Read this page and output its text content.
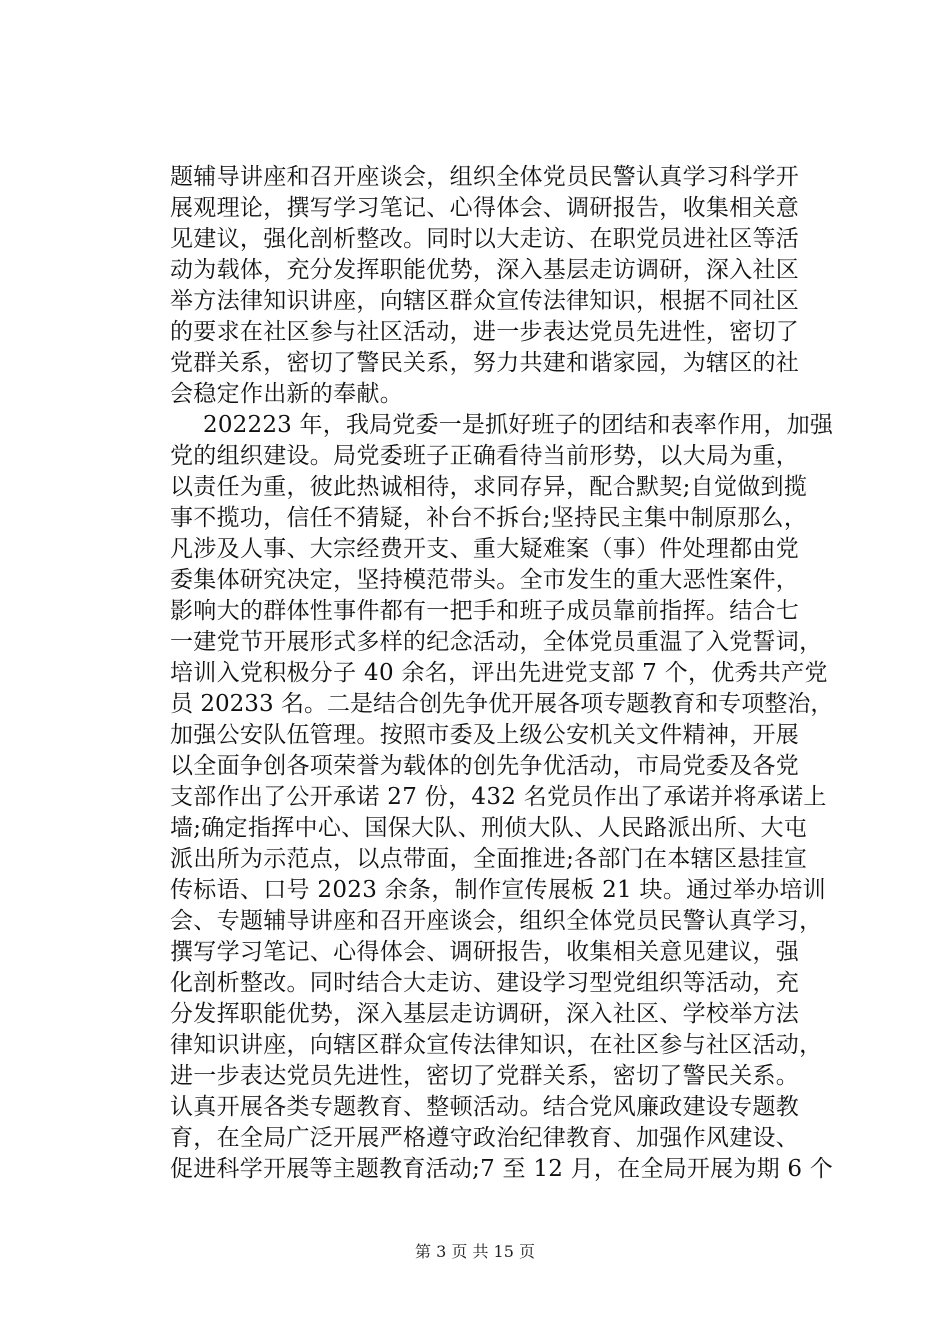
题辅导讲座和召开座谈会，组织全体党员民警认真学习科学开
展观理论，撰写学习笔记、心得体会、调研报告，收集相关意
见建议，强化剖析整改。同时以大走访、在职党员进社区等活
动为载体，充分发挥职能优势，深入基层走访调研，深入社区
举方法律知识讲座，向辖区群众宣传法律知识，根据不同社区
的要求在社区参与社区活动，进一步表达党员先进性，密切了
党群关系，密切了警民关系，努力共建和谐家园，为辖区的社
会稳定作出新的奉献。
202223 年，我局党委一是抓好班子的团结和表率作用，加强
党的组织建设。局党委班子正确看待当前形势，以大局为重，
以责任为重，彼此热诚相待，求同存异，配合默契;自觉做到揽
事不揽功，信任不猜疑，补台不拆台;坚持民主集中制原那么，
凡涉及人事、大宗经费开支、重大疑难案（事）件处理都由党
委集体研究决定，坚持模范带头。全市发生的重大恶性案件，
影响大的群体性事件都有一把手和班子成员靠前指挥。结合七
一建党节开展形式多样的纪念活动，全体党员重温了入党誓词，
培训入党积极分子 40 余名，评出先进党支部 7 个，优秀共产党
员 20233 名。二是结合创先争优开展各项专题教育和专项整治，
加强公安队伍管理。按照市委及上级公安机关文件精神，开展
以全面争创各项荣誉为载体的创先争优活动，市局党委及各党
支部作出了公开承诺 27 份，432 名党员作出了承诺并将承诺上
墙;确定指挥中心、国保大队、刑侦大队、人民路派出所、大屯
派出所为示范点，以点带面，全面推进;各部门在本辖区悬挂宣
传标语、口号 2023 余条，制作宣传展板 21 块。通过举办培训
会、专题辅导讲座和召开座谈会，组织全体党员民警认真学习，
撰写学习笔记、心得体会、调研报告，收集相关意见建议，强
化剖析整改。同时结合大走访、建设学习型党组织等活动，充
分发挥职能优势，深入基层走访调研，深入社区、学校举方法
律知识讲座，向辖区群众宣传法律知识，在社区参与社区活动，
进一步表达党员先进性，密切了党群关系，密切了警民关系。
认真开展各类专题教育、整顿活动。结合党风廉政建设专题教
育，在全局广泛开展严格遵守政治纪律教育、加强作风建设、
促进科学开展等主题教育活动;7 至 12 月，在全局开展为期 6 个
第 3 页 共 15 页
